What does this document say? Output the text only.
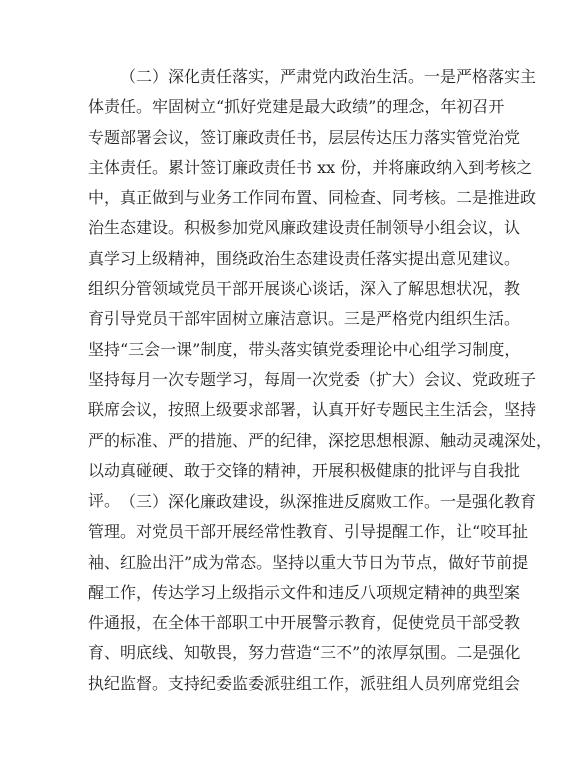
（二）深化责任落实，严肃党内政治生活。一是严格落实主
体责任。牢固树立“抓好党建是最大政绩”的理念，年初召开
专题部署会议，签订廉政责任书，层层传达压力落实管党治党
主体责任。累计签订廉政责任书 xx 份，并将廉政纳入到考核之
中，真正做到与业务工作同布置、同检查、同考核。二是推进政
治生态建设。积极参加党风廉政建设责任制领导小组会议，认
真学习上级精神，围绕政治生态建设责任落实提出意见建议。
组织分管领域党员干部开展谈心谈话，深入了解思想状况，教
育引导党员干部牢固树立廉洁意识。三是严格党内组织生活。
坚持“三会一课”制度，带头落实镇党委理论中心组学习制度，
坚持每月一次专题学习，每周一次党委（扩大）会议、党政班子
联席会议，按照上级要求部署，认真开好专题民主生活会，坚持
严的标准、严的措施、严的纪律，深挖思想根源、触动灵魂深处，
以动真碰硬、敢于交锋的精神，开展积极健康的批评与自我批
评。 （三）深化廉政建设，纵深推进反腐败工作。一是强化教育
管理。对党员干部开展经常性教育、引导提醒工作，让“咬耳扯
袖、红脸出汗”成为常态。坚持以重大节日为节点，做好节前提
醒工作，传达学习上级指示文件和违反八项规定精神的典型案
件通报，在全体干部职工中开展警示教育，促使党员干部受教
育、明底线、知敬畏，努力营造“三不”的浓厚氛围。二是强化
执纪监督。支持纪委监委派驻组工作，派驻组人员列席党组会
